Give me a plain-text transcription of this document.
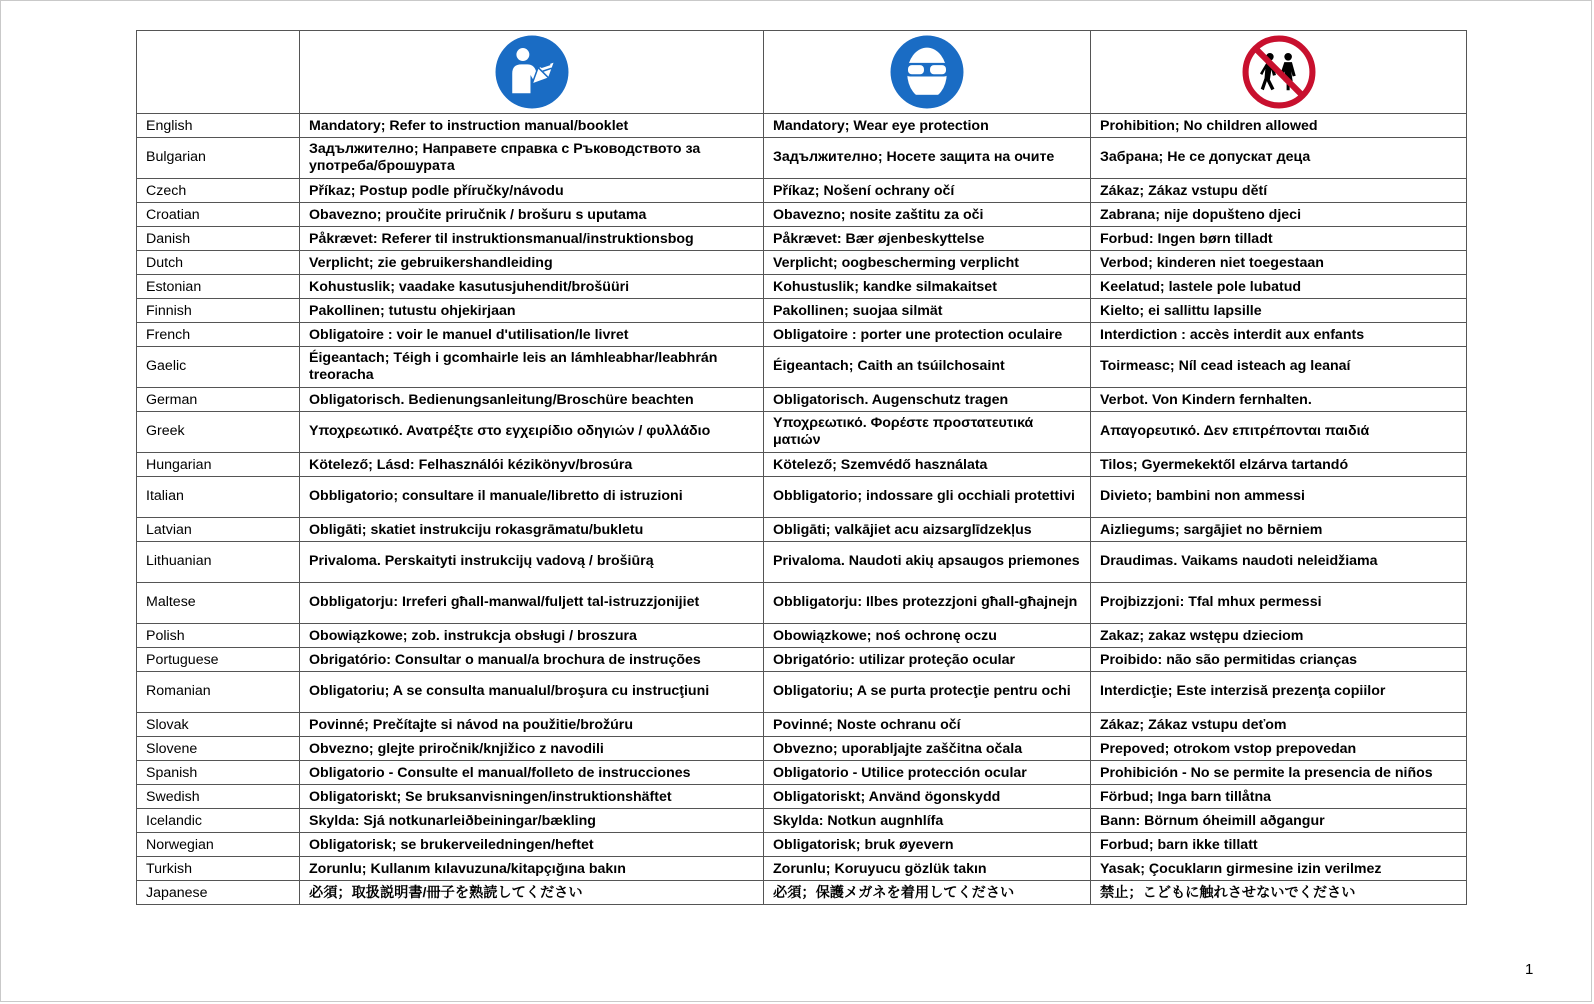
English	Mandatory; Refer to instruction manual/booklet	Mandatory; Wear eye protection	Prohibition; No children allowed
Bulgarian	Задължително; Направете справка с Ръководството за употреба/брошурата	Задължително; Носете защита на очите	Забрана; Не се допускат деца
Czech	Příkaz; Postup podle příručky/návodu	Příkaz; Nošení ochrany očí	Zákaz; Zákaz vstupu dětí
Croatian	Obavezno; proučite priručnik / brošuru s uputama	Obavezno; nosite zaštitu za oči	Zabrana; nije dopušteno djeci
Danish	Påkrævet: Referer til instruktionsmanual/instruktionsbog	Påkrævet: Bær øjenbeskyttelse	Forbud: Ingen børn tilladt
Dutch	Verplicht; zie gebruikershandleiding	Verplicht; oogbescherming verplicht	Verbod; kinderen niet toegestaan
Estonian	Kohustuslik; vaadake kasutusjuhendit/brošüüri	Kohustuslik; kandke silmakaitset	Keelatud; lastele pole lubatud
Finnish	Pakollinen; tutustu ohjekirjaan	Pakollinen; suojaa silmät	Kielto; ei sallittu lapsille
French	Obligatoire : voir le manuel d'utilisation/le livret	Obligatoire : porter une protection oculaire	Interdiction : accès interdit aux enfants
Gaelic	Éigeantach; Téigh i gcomhairle leis an lámhleabhar/leabhrán treoracha	Éigeantach; Caith an tsúilchosaint	Toirmeasc; Níl cead isteach ag leanaí
German	Obligatorisch. Bedienungsanleitung/Broschüre beachten	Obligatorisch. Augenschutz tragen	Verbot. Von Kindern fernhalten.
Greek	Υποχρεωτικό. Ανατρέξτε στο εγχειρίδιο οδηγιών / φυλλάδιο	Υποχρεωτικό. Φορέστε προστατευτικά ματιών	Απαγορευτικό. Δεν επιτρέπονται παιδιά
Hungarian	Kötelező; Lásd: Felhasználói kézikönyv/brosúra	Kötelező; Szemvédő használata	Tilos; Gyermekektől elzárva tartandó
Italian	Obbligatorio; consultare il manuale/libretto di istruzioni	Obbligatorio; indossare gli occhiali protettivi	Divieto; bambini non ammessi
Latvian	Obligāti; skatiet instrukciju rokasgrāmatu/bukletu	Obligāti; valkājiet acu aizsarglīdzekļus	Aizliegums; sargājiet no bērniem
Lithuanian	Privaloma. Perskaityti instrukcijų vadovą / brošiūrą	Privaloma. Naudoti akių apsaugos priemones	Draudimas. Vaikams naudoti neleidžiama
Maltese	Obbligatorju: Irreferi għall-manwal/fuljett tal-istruzzjonijiet	Obbligatorju: Ilbes protezzjoni għall-għajnejn	Projbizzjoni: Tfal mhux permessi
Polish	Obowiązkowe; zob. instrukcja obsługi / broszura	Obowiązkowe; noś ochronę oczu	Zakaz; zakaz wstępu dzieciom
Portuguese	Obrigatório: Consultar o manual/a brochura de instruções	Obrigatório: utilizar proteção ocular	Proibido: não são permitidas crianças
Romanian	Obligatoriu; A se consulta manualul/broşura cu instrucţiuni	Obligatoriu; A se purta protecţie pentru ochi	Interdicţie; Este interzisă prezenţa copiilor
Slovak	Povinné; Prečítajte si návod na použitie/brožúru	Povinné; Noste ochranu očí	Zákaz; Zákaz vstupu deťom
Slovene	Obvezno; glejte priročnik/knjižico z navodili	Obvezno; uporabljajte zaščitna očala	Prepoved; otrokom vstop prepovedan
Spanish	Obligatorio - Consulte el manual/folleto de instrucciones	Obligatorio - Utilice protección ocular	Prohibición - No se permite la presencia de niños
Swedish	Obligatoriskt; Se bruksanvisningen/instruktionshäftet	Obligatoriskt; Använd ögonskydd	Förbud; Inga barn tillåtna
Icelandic	Skylda: Sjá notkunarleiðbeiningar/bækling	Skylda: Notkun augnhlífa	Bann: Börnum óheimill aðgangur
Norwegian	Obligatorisk; se brukerveiledningen/heftet	Obligatorisk; bruk øyevern	Forbud; barn ikke tillatt
Turkish	Zorunlu; Kullanım kılavuzuna/kitapçığına bakın	Zorunlu; Koruyucu gözlük takın	Yasak; Çocukların girmesine izin verilmez
Japanese	必須；取扱説明書/冊子を熟読してください	必須；保護メガネを着用してください	禁止；こどもに触れさせないでください
1
